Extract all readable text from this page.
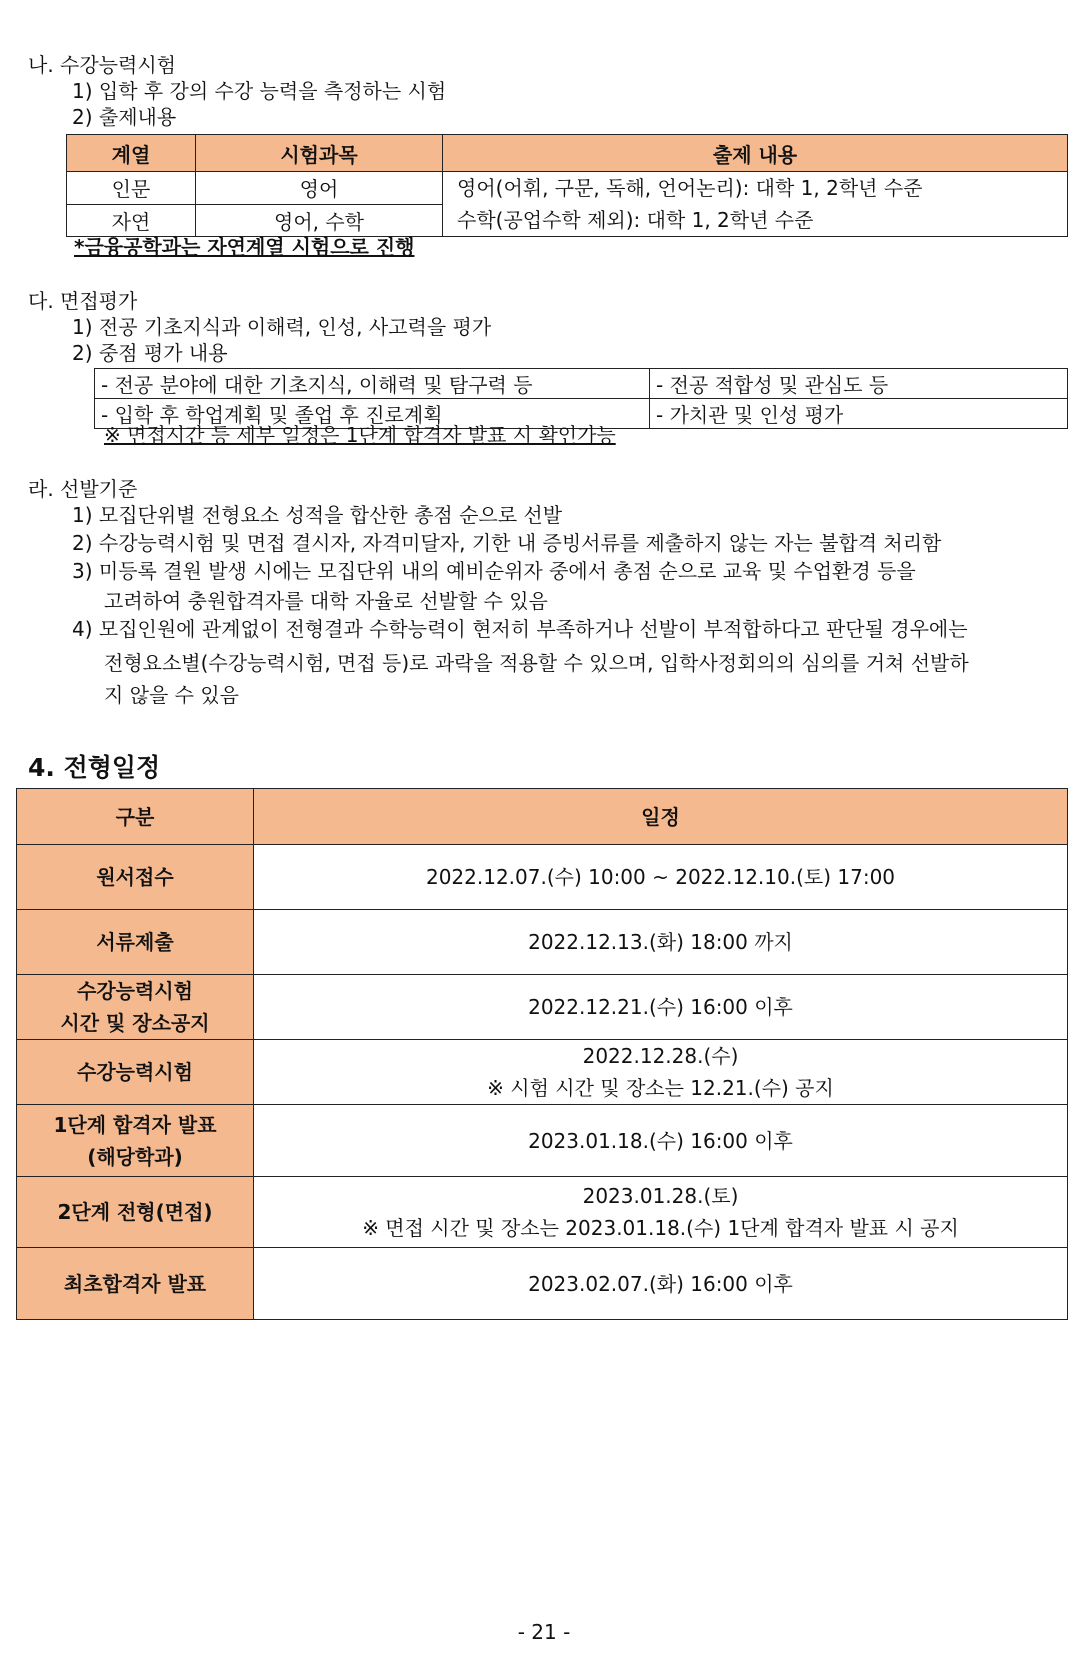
나. 수강능력시험
1) 입학 후 강의 수강 능력을 측정하는 시험
2) 출제내용
계열	시험과목	출제 내용
인문	영어	영어(어휘, 구문, 독해, 언어논리): 대학 1, 2학년 수준
수학(공업수학 제외): 대학 1, 2학년 수준

자연	영어, 수학	
*금융공학과는 자연계열 시험으로 진행
다. 면접평가
1) 전공 기초지식과 이해력, 인성, 사고력을 평가
2) 중점 평가 내용
- 전공 분야에 대한 기초지식, 이해력 및 탐구력 등	- 전공 적합성 및 관심도 등
- 입학 후 학업계획 및 졸업 후 진로계획	- 가치관 및 인성 평가
※ 면접시간 등 세부 일정은 1단계 합격자 발표 시 확인가능
라. 선발기준
1) 모집단위별 전형요소 성적을 합산한 총점 순으로 선발
2) 수강능력시험 및 면접 결시자, 자격미달자, 기한 내 증빙서류를 제출하지 않는 자는 불합격 처리함
3) 미등록 결원 발생 시에는 모집단위 내의 예비순위자 중에서 총점 순으로 교육 및 수업환경 등을
고려하여 충원합격자를 대학 자율로 선발할 수 있음
4) 모집인원에 관계없이 전형결과 수학능력이 현저히 부족하거나 선발이 부적합하다고 판단될 경우에는
전형요소별(수강능력시험, 면접 등)로 과락을 적용할 수 있으며, 입학사정회의의 심의를 거쳐 선발하
지 않을 수 있음
4. 전형일정
구분	일정

원서접수	2022.12.07.(수) 10:00 ~ 2022.12.10.(토) 17:00

서류제출	2022.12.13.(화) 18:00 까지

수강능력시험
시간 및 장소공지	2022.12.21.(수) 16:00 이후

수강능력시험	2022.12.28.(수)
※ 시험 시간 및 장소는 12.21.(수) 공지

1단계 합격자 발표
(해당학과)	2023.01.18.(수) 16:00 이후

2단계 전형(면접)	2023.01.28.(토)
※ 면접 시간 및 장소는 2023.01.18.(수) 1단계 합격자 발표 시 공지

최초합격자 발표	2023.02.07.(화) 16:00 이후
- 21 -
